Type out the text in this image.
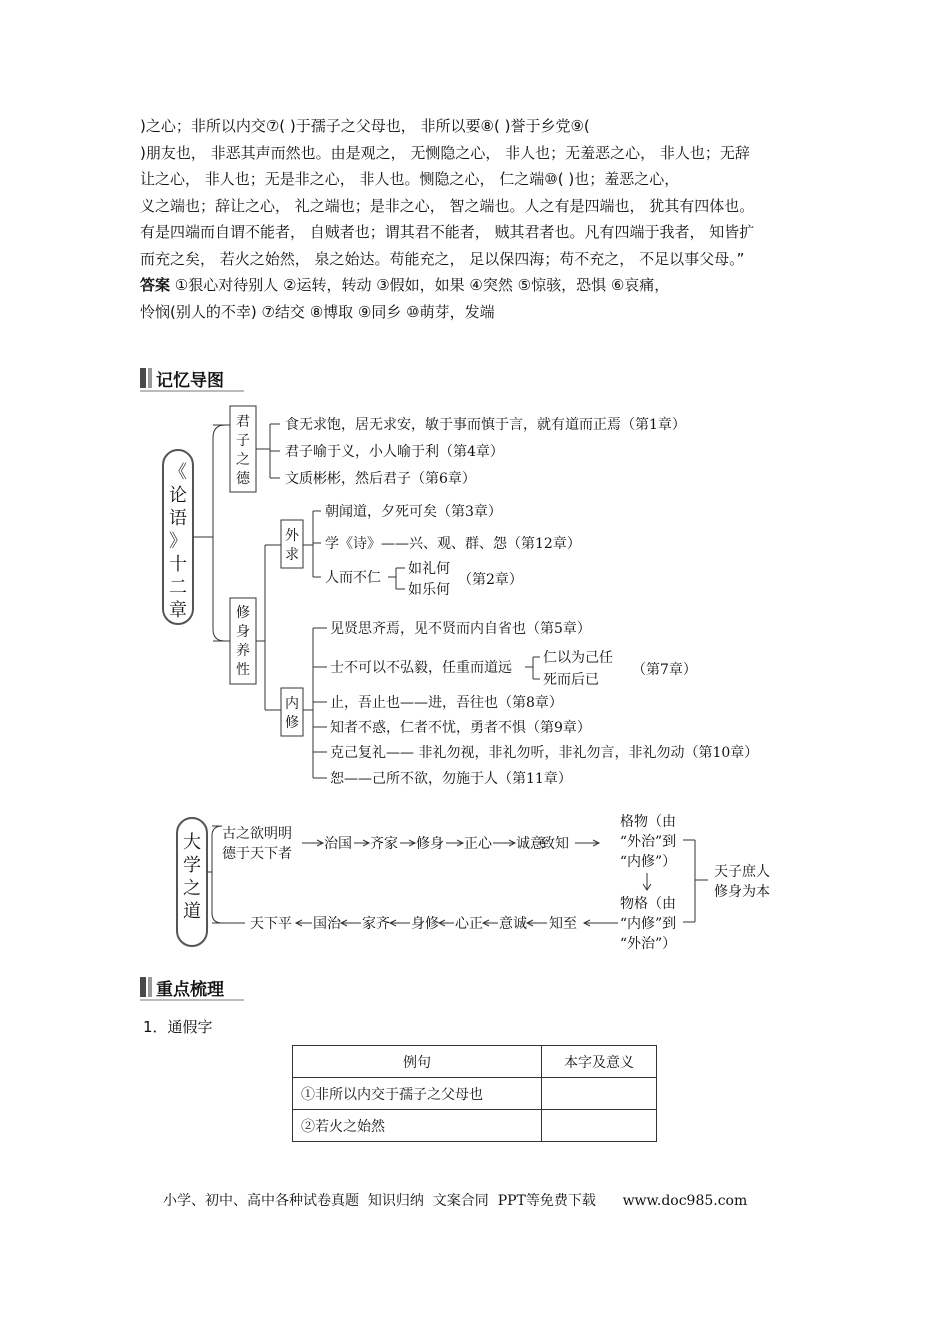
)之心；非所以内交⑦( )于孺子之父母也， 非所以要⑧( )誉于乡党⑨(
)朋友也， 非恶其声而然也。由是观之， 无恻隐之心， 非人也；无羞恶之心， 非人也；无辞
让之心， 非人也；无是非之心， 非人也。恻隐之心， 仁之端⑩( )也；羞恶之心，
义之端也；辞让之心， 礼之端也；是非之心， 智之端也。人之有是四端也， 犹其有四体也。
有是四端而自谓不能者， 自贼者也；谓其君不能者， 贼其君者也。凡有四端于我者， 知皆扩
而充之矣， 若火之始然， 泉之始达。苟能充之， 足以保四海；苟不充之， 不足以事父母。”
答案 ①狠心对待别人 ②运转，转动 ③假如，如果 ④突然 ⑤惊骇，恐惧 ⑥哀痛，
怜悯(别人的不幸) ⑦结交 ⑧博取 ⑨同乡 ⑩萌芽，发端
记忆导图
《
论
语
》
十
二
章
君
子
之
德
食无求饱，居无求安，敏于事而慎于言，就有道而正焉（第1章）
君子喻于义，小人喻于利（第4章）
文质彬彬，然后君子（第6章）
修
身
养
性
外
求
朝闻道，夕死可矣（第3章）
学《诗》——兴、观、群、怨（第12章）
人而不仁
如礼何
如乐何
（第2章）
内
修
见贤思齐焉，见不贤而内自省也（第5章）
士不可以不弘毅，任重而道远
止，吾止也——进，吾往也（第8章）
知者不惑，仁者不忧，勇者不惧（第9章）
克己复礼—— 非礼勿视，非礼勿听，非礼勿言，非礼勿动（第10章）
恕——己所不欲，勿施于人（第11章）
仁以为己任
死而后已
（第7章）
大
学
之
道
古之欲明明
德于天下者
治国 齐家 修身 正心 诚意
致知
格物（由
“外治”到
“内修”）
物格（由
“内修”到
“外治”）
天子庶人
修身为本
天下平 国治 家齐 身修 心正 意诚 知至
重点梳理
1．通假字
例句	本字及意义
①非所以内交于孺子之父母也	
②若火之始然	
小学、初中、高中各种试卷真题  知识归纳  文案合同  PPT等免费下载      www.doc985.com
